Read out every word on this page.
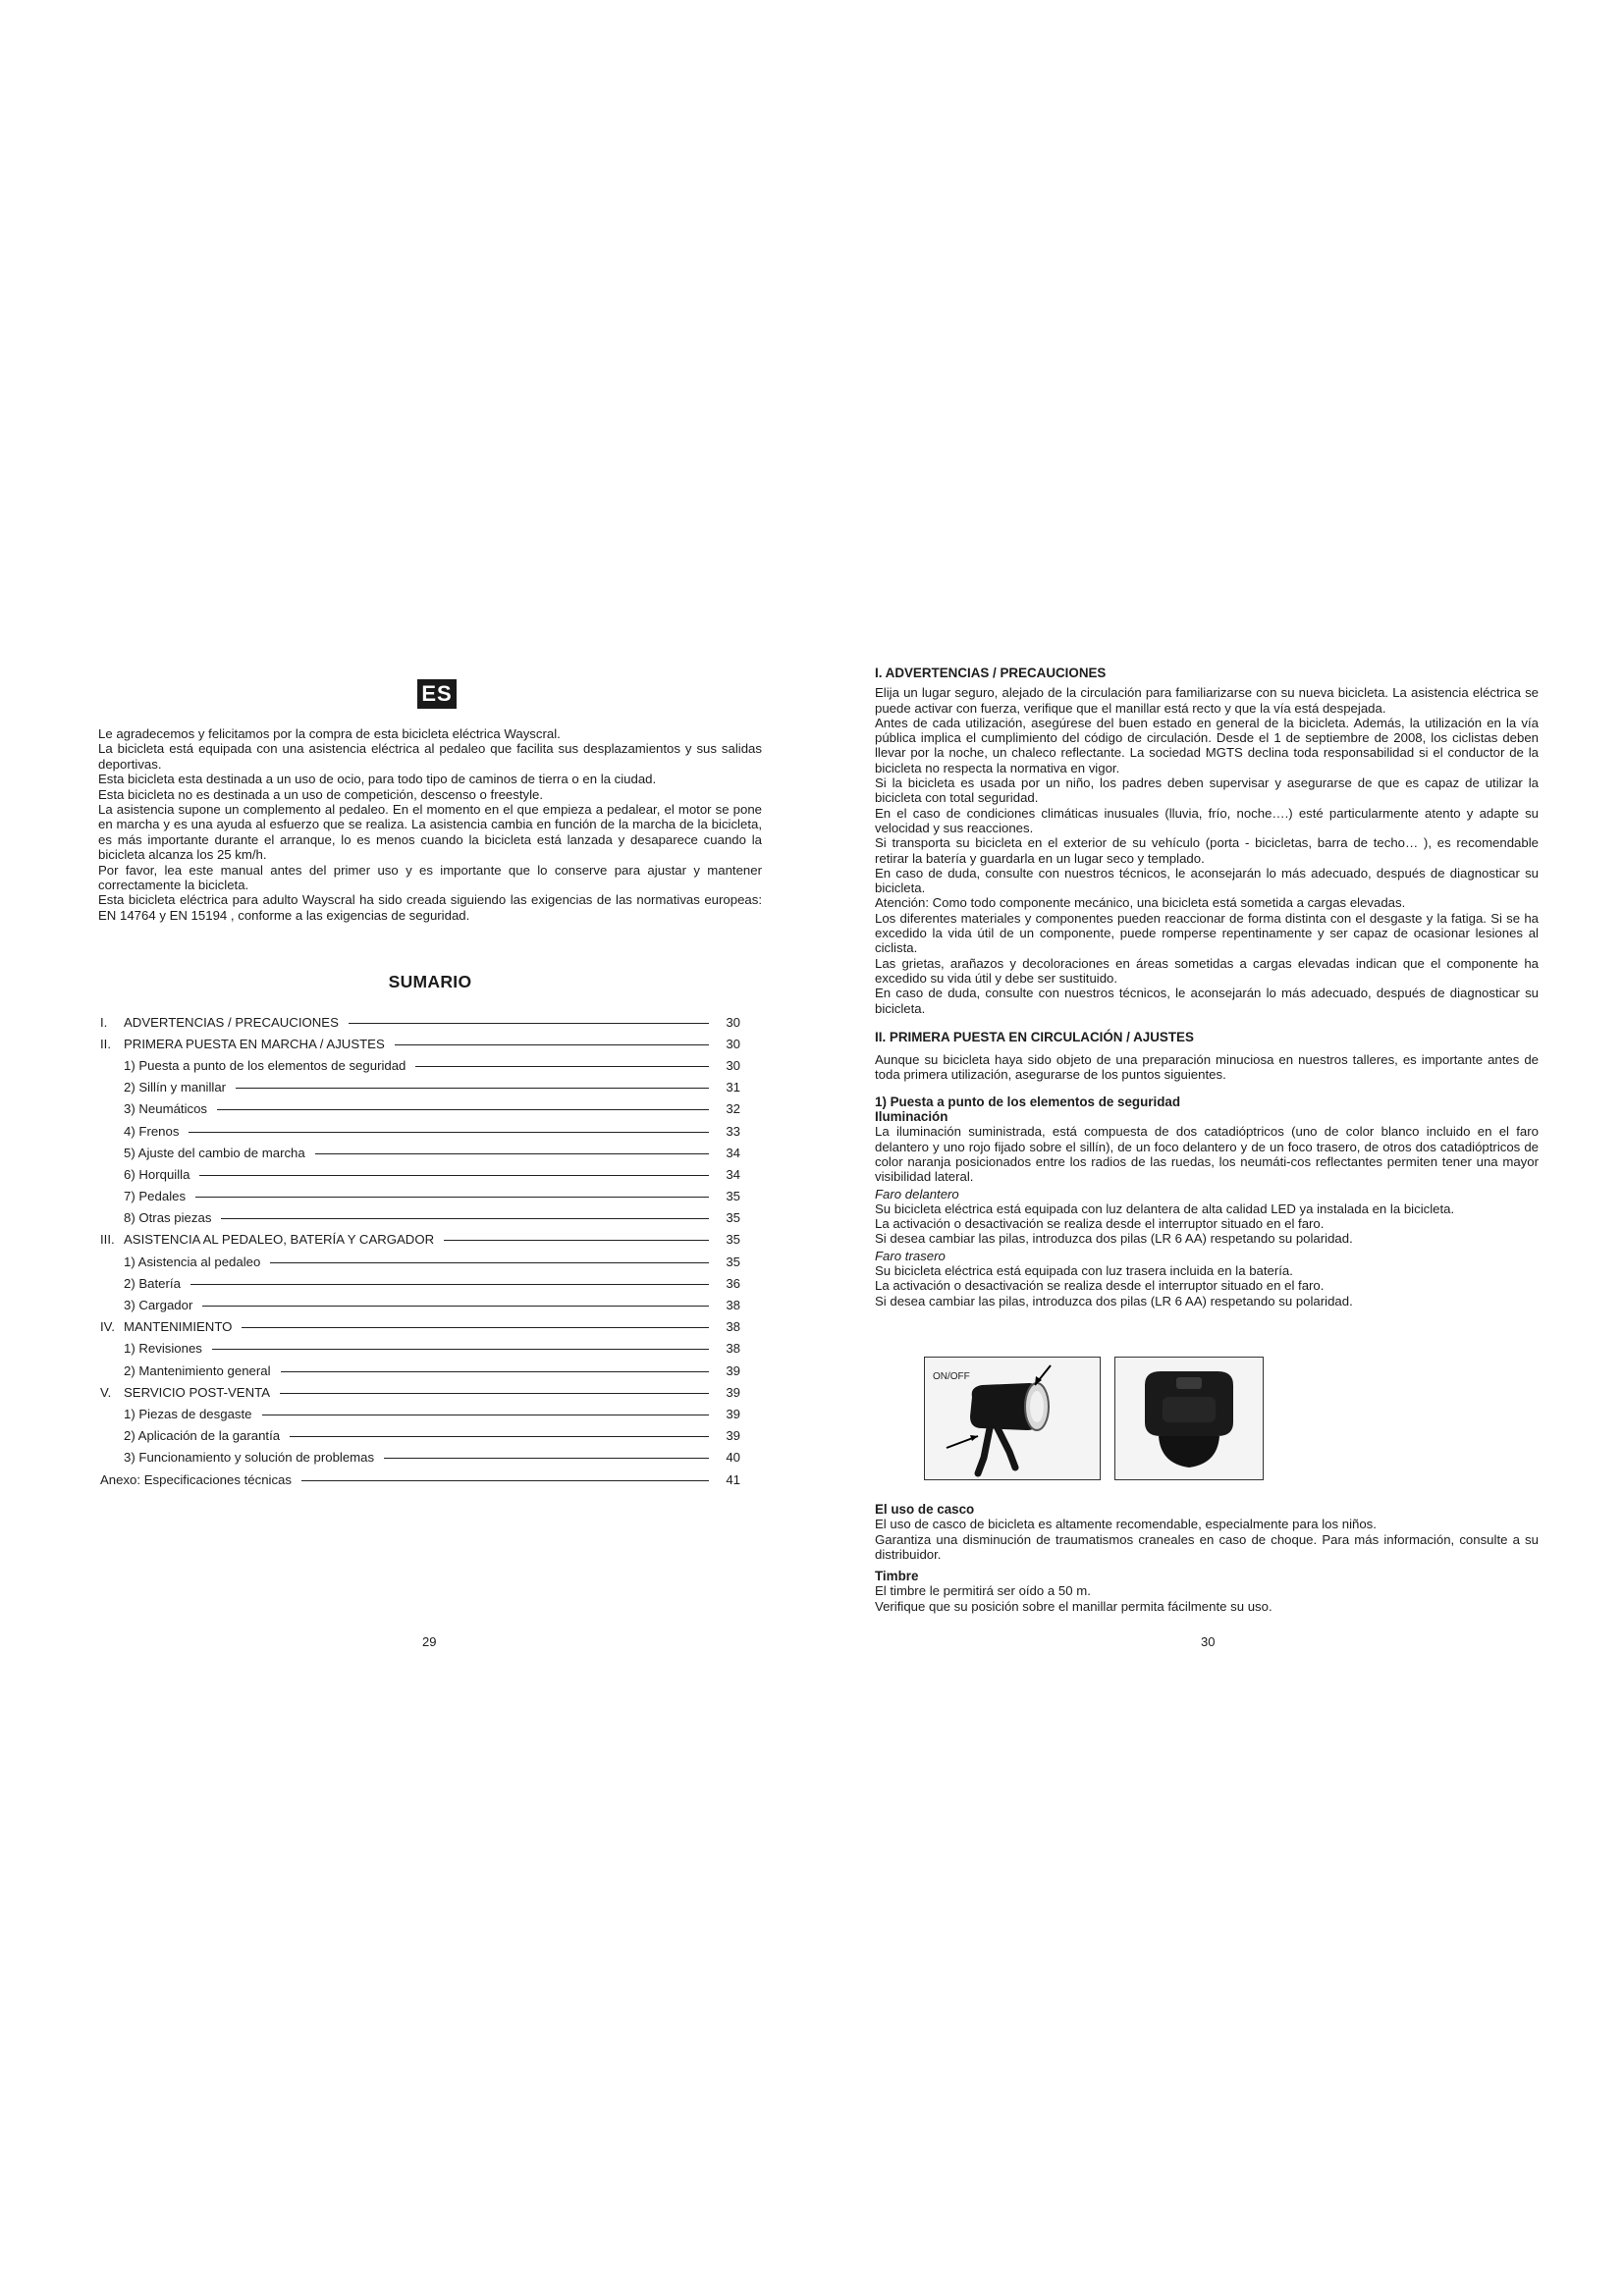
ES

Le agradecemos y felicitamos por la compra de esta bicicleta eléctrica Wayscral.

La bicicleta está equipada con una asistencia eléctrica al pedaleo que facilita sus desplazamientos y sus salidas deportivas.

Esta bicicleta esta destinada a un uso de ocio, para todo tipo de caminos de tierra o en la ciudad.

Esta bicicleta no es destinada a un uso de competición, descenso o freestyle.

La asistencia supone un complemento al pedaleo. En el momento en el que empieza a pedalear, el motor se pone en marcha y es una ayuda al esfuerzo que se realiza. La asistencia cambia en función de la marcha de la bicicleta, es más importante durante el arranque, lo es menos cuando la bicicleta está lanzada y desaparece cuando la bicicleta alcanza los 25 km/h.

Por favor, lea este manual antes del primer uso y es importante que lo conserve para ajustar y mantener correctamente la bicicleta.

Esta bicicleta eléctrica para adulto Wayscral ha sido creada siguiendo las exigencias de las normativas europeas: EN 14764 y EN 15194 , conforme a las exigencias de seguridad.

SUMARIO
I.	ADVERTENCIAS / PRECAUCIONES	30
II. PRIMERA PUESTA EN MARCHA / AJUSTES	30
1) Puesta a punto de los elementos de seguridad	30
2) Sillín y manillar	31
3) Neumáticos	32
4) Frenos	33
5) Ajuste del cambio de marcha	34
6) Horquilla	34
7) Pedales	35
8) Otras piezas	35
III. ASISTENCIA AL PEDALEO, BATERÍA Y CARGADOR	35
1) Asistencia al pedaleo	35
2) Batería	36
3) Cargador	38
IV. MANTENIMIENTO	38
1) Revisiones	38
2) Mantenimiento general	39
V. SERVICIO POST-VENTA	39
1) Piezas de desgaste	39
2) Aplicación de la garantía	39
3) Funcionamiento y solución de problemas	40
Anexo: Especificaciones técnicas	41
29
I. ADVERTENCIAS / PRECAUCIONES

Elija un lugar seguro, alejado de la circulación para familiarizarse con su nueva bicicleta. La asistencia eléctrica se puede activar con fuerza, verifique que el manillar está recto y que la vía está despejada.

Antes de cada utilización, asegúrese del buen estado en general de la bicicleta. Además, la utilización en la vía pública implica el cumplimiento del código de circulación. Desde el 1 de septiembre de 2008, los ciclistas deben llevar por la noche, un chaleco reflectante. La sociedad MGTS declina toda responsabilidad si el conductor de la bicicleta no respecta la normativa en vigor.

Si la bicicleta es usada por un niño, los padres deben supervisar y asegurarse de que es capaz de utilizar la bicicleta con total seguridad.

En el caso de condiciones climáticas inusuales (lluvia, frío, noche….) esté particularmente atento y adapte su velocidad y sus reacciones.

Si transporta su bicicleta en el exterior de su vehículo (porta - bicicletas, barra de techo… ), es recomendable retirar la batería y guardarla en un lugar seco y templado.

En caso de duda, consulte con nuestros técnicos, le aconsejarán lo más adecuado, después de diagnosticar su bicicleta.

Atención: Como todo componente mecánico, una bicicleta está sometida a cargas elevadas.

Los diferentes materiales y componentes pueden reaccionar de forma distinta con el desgaste y la fatiga. Si se ha excedido la vida útil de un componente, puede romperse repentinamente y ser capaz de ocasionar lesiones al ciclista.

Las grietas, arañazos y decoloraciones en áreas sometidas a cargas elevadas indican que el componente ha excedido su vida útil y debe ser sustituido.

En caso de duda, consulte con nuestros técnicos, le aconsejarán lo más adecuado, después de diagnosticar su bicicleta.

II. PRIMERA PUESTA EN CIRCULACIÓN / AJUSTES

Aunque su bicicleta haya sido objeto de una preparación minuciosa en nuestros talleres, es importante antes de toda primera utilización, asegurarse de los puntos siguientes.

1) Puesta a punto de los elementos de seguridad
Iluminación

La iluminación suministrada, está compuesta de dos catadióptricos (uno de color blanco incluido en el faro delantero y uno rojo fijado sobre el sillín), de un foco delantero y de un foco trasero, de otros dos catadióptricos de color naranja posicionados entre los radios de las ruedas, los neumáti-cos reflectantes permiten tener una mayor visibilidad lateral.

Faro delantero

Su bicicleta eléctrica está equipada con luz delantera de alta calidad LED ya instalada en la bicicleta.

La activación o desactivación se realiza desde el interruptor situado en el faro.

Si desea cambiar las pilas, introduzca dos pilas (LR 6 AA) respetando su polaridad.

Faro trasero

Su bicicleta eléctrica está equipada con luz trasera incluida en la batería.

La activación o desactivación se realiza desde el interruptor situado en el faro.

Si desea cambiar las pilas, introduzca dos pilas (LR 6 AA) respetando su polaridad.

ON/OFF
El uso de casco

El uso de casco de bicicleta es altamente recomendable, especialmente para los niños.

Garantiza una disminución de traumatismos craneales en caso de choque. Para más información, consulte a su distribuidor.

Timbre

El timbre le permitirá ser oído a 50 m.

Verifique que su posición sobre el manillar permita fácilmente su uso.

30
